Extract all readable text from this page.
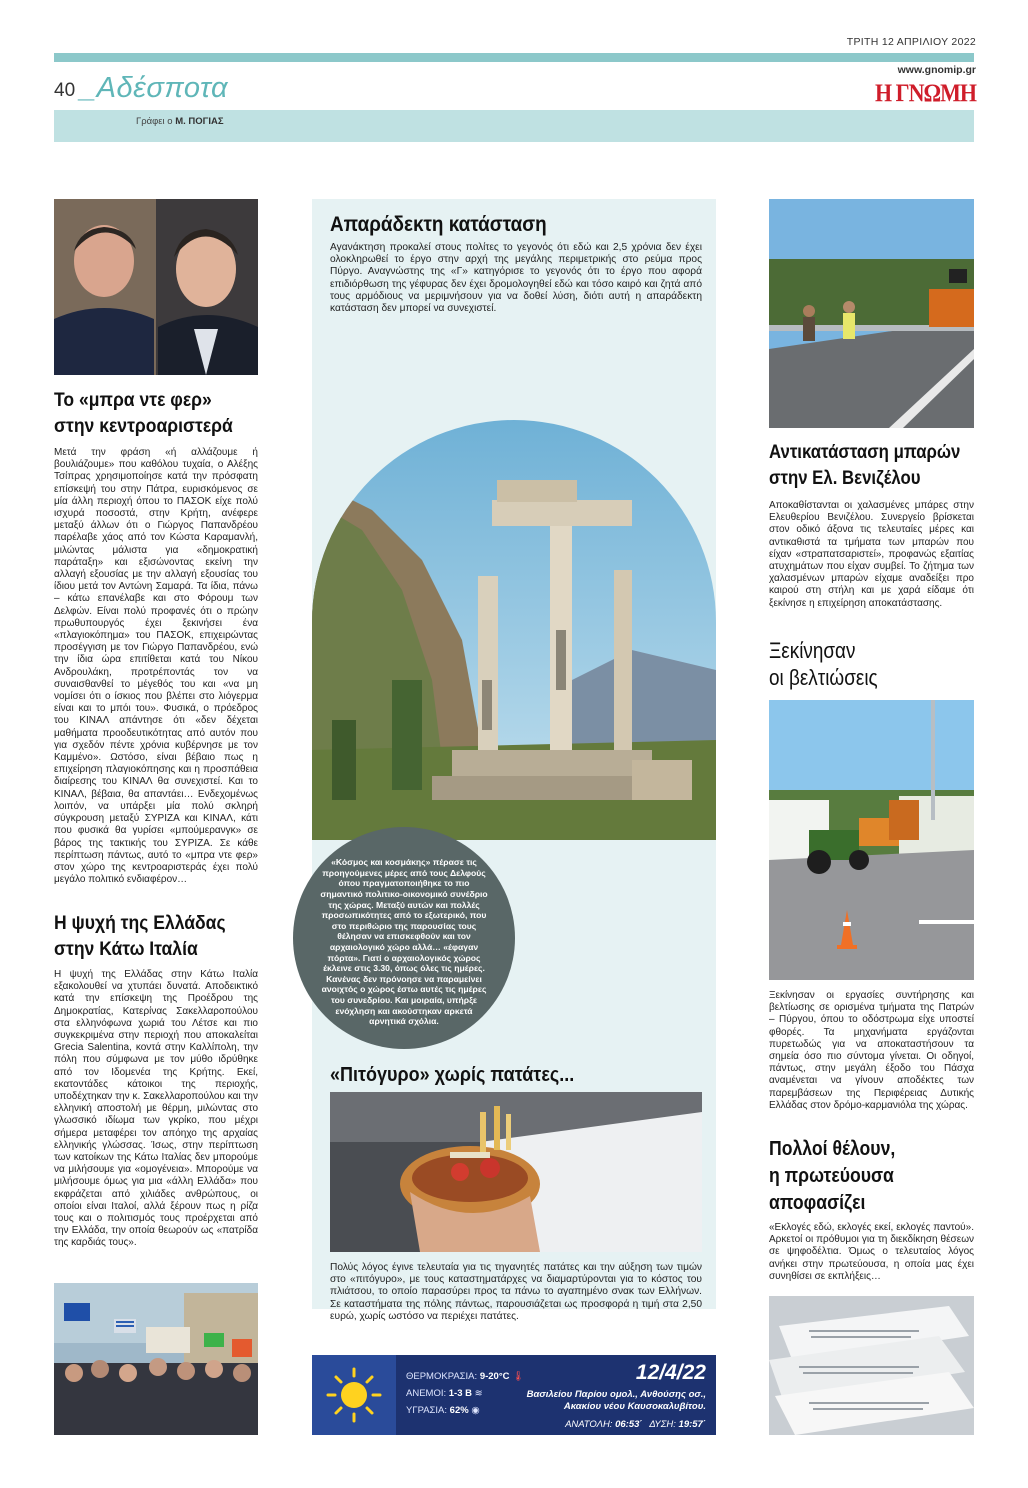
ΤΡΙΤΗ 12 ΑΠΡΙΛΙΟΥ 2022
www.gnomip.gr
Η ΓΝΩΜΗ
40 _Αδέσποτα
Γράφει ο Μ. ΠΟΓΙΑΣ
Το «μπρα ντε φερ»
στην κεντροαριστερά
Μετά την φράση «ή αλλάζουμε ή βουλιάζουμε» που καθόλου τυχαία, ο Αλέξης Τσίπρας χρησιμοποίησε κατά την πρόσφατη επίσκεψή του στην Πάτρα, ευρισκόμενος σε μία άλλη περιοχή όπου το ΠΑΣΟΚ είχε πολύ ισχυρά ποσοστά, στην Κρήτη, ανέφερε μεταξύ άλλων ότι ο Γιώργος Παπανδρέου παρέλαβε χάος από τον Κώστα Καραμανλή, μιλώντας μάλιστα για «δημοκρατική παράταξη» και εξισώνοντας εκείνη την αλλαγή εξουσίας με την αλλαγή εξουσίας του ίδιου μετά τον Αντώνη Σαμαρά. Τα ίδια, πάνω – κάτω επανέλαβε και στο Φόρουμ των Δελφών. Είναι πολύ προφανές ότι ο πρώην πρωθυπουργός έχει ξεκινήσει ένα «πλαγιοκόπημα» του ΠΑΣΟΚ, επιχειρώντας προσέγγιση με τον Γιώργο Παπανδρέου, ενώ την ίδια ώρα επιτίθεται κατά του Νίκου Ανδρουλάκη, προτρέποντάς τον να συναισθανθεί το μέγεθός του και «να μη νομίσει ότι ο ίσκιος που βλέπει στο λιόγερμα είναι και το μπόι του». Φυσικά, ο πρόεδρος του ΚΙΝΑΛ απάντησε ότι «δεν δέχεται μαθήματα προοδευτικότητας από αυτόν που για σχεδόν πέντε χρόνια κυβέρνησε με τον Καμμένο». Ωστόσο, είναι βέβαιο πως η επιχείρηση πλαγιοκόπησης και η προσπάθεια διαίρεσης του ΚΙΝΑΛ θα συνεχιστεί. Και το ΚΙΝΑΛ, βέβαια, θα απαντάει… Ενδεχομένως λοιπόν, να υπάρξει μία πολύ σκληρή σύγκρουση μεταξύ ΣΥΡΙΖΑ και ΚΙΝΑΛ, κάτι που φυσικά θα γυρίσει «μπούμερανγκ» σε βάρος της τακτικής του ΣΥΡΙΖΑ. Σε κάθε περίπτωση πάντως, αυτό το «μπρα ντε φερ» στον χώρο της κεντροαριστεράς έχει πολύ μεγάλο πολιτικό ενδιαφέρον…
Η ψυχή της Ελλάδας
στην Κάτω Ιταλία
Η ψυχή της Ελλάδας στην Κάτω Ιταλία εξακολουθεί να χτυπάει δυνατά. Αποδεικτικό κατά την επίσκεψη της Προέδρου της Δημοκρατίας, Κατερίνας Σακελλαροπούλου στα ελληνόφωνα χωριά του Λέτσε και πιο συγκεκριμένα στην περιοχή που αποκαλείται Grecia Salentina, κοντά στην Καλλίπολη, την πόλη που σύμφωνα με τον μύθο ιδρύθηκε από τον Ιδομενέα της Κρήτης. Εκεί, εκατοντάδες κάτοικοι της περιοχής, υποδέχτηκαν την κ. Σακελλαροπούλου και την ελληνική αποστολή με θέρμη, μιλώντας στο γλωσσικό ιδίωμα των γκρίκο, που μέχρι σήμερα μεταφέρει τον απόηχο της αρχαίας ελληνικής γλώσσας. Ίσως, στην περίπτωση των κατοίκων της Κάτω Ιταλίας δεν μπορούμε να μιλήσουμε για «ομογένεια». Μπορούμε να μιλήσουμε όμως για μια «άλλη Ελλάδα» που εκφράζεται από χιλιάδες ανθρώπους, οι οποίοι είναι Ιταλοί, αλλά ξέρουν πως η ρίζα τους και ο πολιτισμός τους προέρχεται από την Ελλάδα, την οποία θεωρούν ως «πατρίδα της καρδιάς τους».
Απαράδεκτη κατάσταση
Αγανάκτηση προκαλεί στους πολίτες το γεγονός ότι εδώ και 2,5 χρόνια δεν έχει ολοκληρωθεί το έργο στην αρχή της μεγάλης περιμετρικής στο ρεύμα προς Πύργο. Αναγνώστης της «Γ» κατηγόρισε το γεγονός ότι το έργο που αφορά επιδιόρθωση της γέφυρας δεν έχει δρομολογηθεί εδώ και τόσο καιρό και ζητά από τους αρμόδιους να μεριμνήσουν για να δοθεί λύση, διότι αυτή η απαράδεκτη κατάσταση δεν μπορεί να συνεχιστεί.
«Κόσμος και κοσμάκης» πέρασε τις προηγούμενες μέρες από τους Δελφούς όπου πραγματοποιήθηκε το πιο σημαντικό πολιτικο-οικονομικό συνέδριο της χώρας. Μεταξύ αυτών και πολλές προσωπικότητες από το εξωτερικό, που στο περιθώριο της παρουσίας τους θέλησαν να επισκεφθούν και τον αρχαιολογικό χώρο αλλά… «έφαγαν πόρτα». Γιατί ο αρχαιολογικός χώρος έκλεινε στις 3.30, όπως όλες τις ημέρες. Κανένας δεν πρόνοησε να παραμείνει ανοιχτός ο χώρος έστω αυτές τις ημέρες του συνεδρίου. Και μοιραία, υπήρξε ενόχληση και ακούστηκαν αρκετά αρνητικά σχόλια.
«Πιτόγυρο» χωρίς πατάτες...
Πολύς λόγος έγινε τελευταία για τις τηγανητές πατάτες και την αύξηση των τιμών στο «πιτόγυρο», με τους καταστηματάρχες να διαμαρτύρονται για το κόστος του πλιάτσου, το οποίο παρασύρει προς τα πάνω το αγαπημένο σνακ των Ελλήνων. Σε καταστήματα της πόλης πάντως, παρουσιάζεται ως προσφορά η τιμή στα 2,50 ευρώ, χωρίς ωστόσο να περιέχει πατάτες.
ΘΕΡΜΟΚΡΑΣΙΑ: 9-20°C 🌡
ΑΝΕΜΟΙ: 1-3 Β ≋
ΥΓΡΑΣΙΑ: 62% ◉
12/4/22
Βασιλείου Παρίου ομολ., Ανθούσης οσ., Ακακίου νέου Καυσοκαλυβίτου.
ΑΝΑΤΟΛΗ: 06:53΄ ΔΥΣΗ: 19:57΄
Αντικατάσταση μπαρών
στην Ελ. Βενιζέλου
Αποκαθίστανται οι χαλασμένες μπάρες στην Ελευθερίου Βενιζέλου. Συνεργείο βρίσκεται στον οδικό άξονα τις τελευταίες μέρες και αντικαθιστά τα τμήματα των μπαρών που είχαν «στραπατσαριστεί», προφανώς εξαιτίας ατυχημάτων που είχαν συμβεί. Το ζήτημα των χαλασμένων μπαρών είχαμε αναδείξει προ καιρού στη στήλη και με χαρά είδαμε ότι ξεκίνησε η επιχείρηση αποκατάστασης.
Ξεκίνησαν
οι βελτιώσεις
Ξεκίνησαν οι εργασίες συντήρησης και βελτίωσης σε ορισμένα τμήματα της Πατρών – Πύργου, όπου το οδόστρωμα είχε υποστεί φθορές. Τα μηχανήματα εργάζονται πυρετωδώς για να αποκαταστήσουν τα σημεία όσο πιο σύντομα γίνεται. Οι οδηγοί, πάντως, στην μεγάλη έξοδο του Πάσχα αναμένεται να γίνουν αποδέκτες των παρεμβάσεων της Περιφέρειας Δυτικής Ελλάδας στον δρόμο-καρμανιόλα της χώρας.
Πολλοί θέλουν,
η πρωτεύουσα
αποφασίζει
«Εκλογές εδώ, εκλογές εκεί, εκλογές παντού». Αρκετοί οι πρόθυμοι για τη διεκδίκηση θέσεων σε ψηφοδέλτια. Όμως ο τελευταίος λόγος ανήκει στην πρωτεύουσα, η οποία μας έχει συνηθίσει σε εκπλήξεις…
